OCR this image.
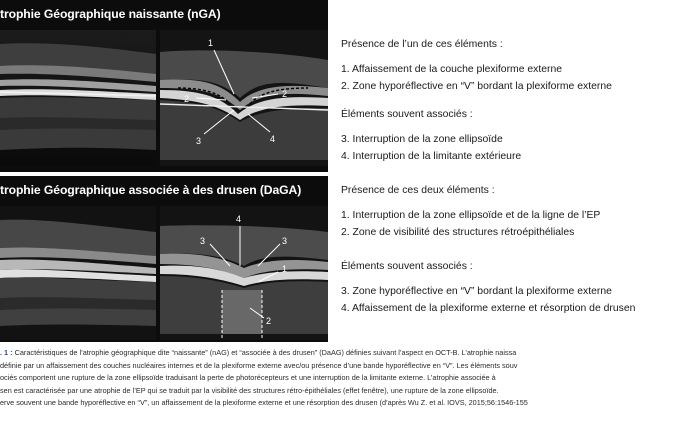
trophie Géographique naissante (nGA)
1
2	2
3	4
trophie Géographique associée à des drusen (DaGA)
4
3	3
1
2
Présence de l’un de ces éléments :
1. Affaissement de la couche plexiforme externe
2. Zone hyporéflective en “V” bordant la plexiforme externe
Éléments souvent associés :
3. Interruption de la zone ellipsoïde
4. Interruption de la limitante extérieure
Présence de ces deux éléments :
1. Interruption de la zone ellipsoïde et de la ligne de l’EP
2. Zone de visibilité des structures rétroépithéliales
Éléments souvent associés :
3. Zone hyporéflective en “V” bordant la plexiforme externe
4. Affaissement de la plexiforme externe et résorption de drusen
. 1 : Caractéristiques de l’atrophie géographique dite “naissante” (nAG) et “associée à des drusen” (DaAG) définies suivant l’aspect en OCT-B. L’atrophie naissa
définie par un affaissement des couches nucléaires internes et de la plexiforme externe avec/ou présence d’une bande hyporéflective en “V”. Les éléments souv
ociés comportent une rupture de la zone ellipsoïde traduisant la perte de photorécepteurs et une interruption de la limitante externe. L’atrophie associée à
sen est caractérisée par une atrophie de l’EP qui se traduit par la visibilité des structures rétro-épithéliales (effet fenêtre), une rupture de la zone ellipsoïde.
erve souvent une bande hyporéflective en “V”, un affaissement de la plexiforme externe et une résorption des drusen (d’après Wu Z. et al. IOVS, 2015;56:1546-155
